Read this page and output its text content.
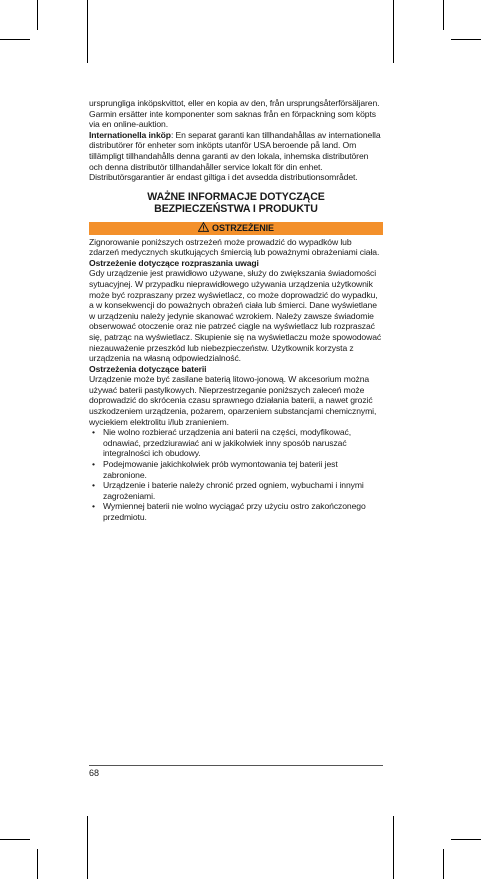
ursprungliga inköpskvittot, eller en kopia av den, från ursprungsåterförsäljaren. Garmin ersätter inte komponenter som saknas från en förpackning som köpts via en online-auktion.

Internationella inköp: En separat garanti kan tillhandahållas av internationella distributörer för enheter som inköpts utanför USA beroende på land. Om tillämpligt tillhandahålls denna garanti av den lokala, inhemska distributören och denna distributör tillhandahåller service lokalt för din enhet. Distributörsgarantier är endast giltiga i det avsedda distributionsområdet.

WAŻNE INFORMACJE DOTYCZĄCE
BEZPIECZEŃSTWA I PRODUKTU
OSTRZEŻENIE

Zignorowanie poniższych ostrzeżeń może prowadzić do wypadków lub zdarzeń medycznych skutkujących śmiercią lub poważnymi obrażeniami ciała.

Ostrzeżenie dotyczące rozpraszania uwagi

Gdy urządzenie jest prawidłowo używane, służy do zwiększania świadomości sytuacyjnej. W przypadku nieprawidłowego używania urządzenia użytkownik może być rozpraszany przez wyświetlacz, co może doprowadzić do wypadku, a w konsekwencji do poważnych obrażeń ciała lub śmierci. Dane wyświetlane w urządzeniu należy jedynie skanować wzrokiem. Należy zawsze świadomie obserwować otoczenie oraz nie patrzeć ciągle na wyświetlacz lub rozpraszać się, patrząc na wyświetlacz. Skupienie się na wyświetlaczu może spowodować niezauważenie przeszkód lub niebezpieczeństw. Użytkownik korzysta z urządzenia na własną odpowiedzialność.

Ostrzeżenia dotyczące baterii

Urządzenie może być zasilane baterią litowo-jonową. W akcesorium można używać baterii pastylkowych. Nieprzestrzeganie poniższych zaleceń może doprowadzić do skrócenia czasu sprawnego działania baterii, a nawet grozić uszkodzeniem urządzenia, pożarem, oparzeniem substancjami chemicznymi, wyciekiem elektrolitu i/lub zranieniem.

• Nie wolno rozbierać urządzenia ani baterii na części, modyfikować, odnawiać, przedziurawiać ani w jakikolwiek inny sposób naruszać integralności ich obudowy.
• Podejmowanie jakichkolwiek prób wymontowania tej baterii jest zabronione.
• Urządzenie i baterie należy chronić przed ogniem, wybuchami i innymi zagrożeniami.
• Wymiennej baterii nie wolno wyciągać przy użyciu ostro zakończonego przedmiotu.
68
